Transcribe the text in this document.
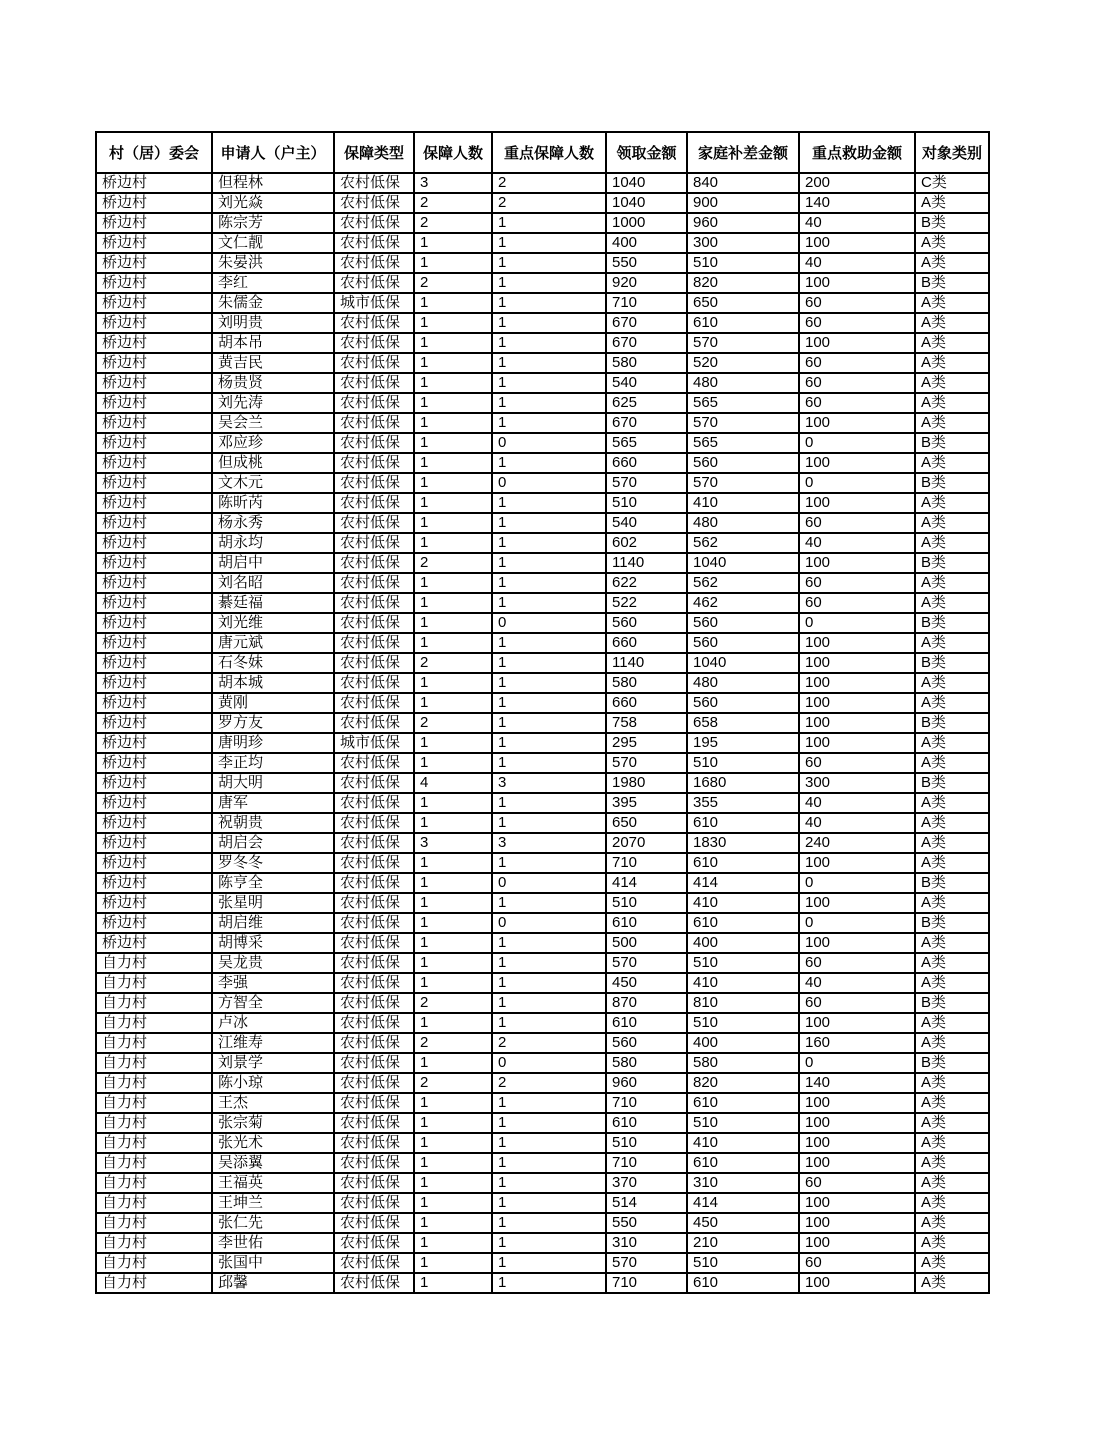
村（居）委会	申请人（户主）	保障类型	保障人数	重点保障人数	领取金额	家庭补差金额	重点救助金额	对象类别
桥边村	但程林	农村低保	3	2	1040	840	200	C类
桥边村	刘光焱	农村低保	2	2	1040	900	140	A类
桥边村	陈宗芳	农村低保	2	1	1000	960	40	B类
桥边村	文仁靓	农村低保	1	1	400	300	100	A类
桥边村	朱晏洪	农村低保	1	1	550	510	40	A类
桥边村	李红	农村低保	2	1	920	820	100	B类
桥边村	朱儒金	城市低保	1	1	710	650	60	A类
桥边村	刘明贵	农村低保	1	1	670	610	60	A类
桥边村	胡本吊	农村低保	1	1	670	570	100	A类
桥边村	黄吉民	农村低保	1	1	580	520	60	A类
桥边村	杨贵贤	农村低保	1	1	540	480	60	A类
桥边村	刘先涛	农村低保	1	1	625	565	60	A类
桥边村	吴会兰	农村低保	1	1	670	570	100	A类
桥边村	邓应珍	农村低保	1	0	565	565	0	B类
桥边村	但成桃	农村低保	1	1	660	560	100	A类
桥边村	文木元	农村低保	1	0	570	570	0	B类
桥边村	陈昕芮	农村低保	1	1	510	410	100	A类
桥边村	杨永秀	农村低保	1	1	540	480	60	A类
桥边村	胡永均	农村低保	1	1	602	562	40	A类
桥边村	胡启中	农村低保	2	1	1140	1040	100	B类
桥边村	刘名昭	农村低保	1	1	622	562	60	A类
桥边村	綦廷福	农村低保	1	1	522	462	60	A类
桥边村	刘光维	农村低保	1	0	560	560	0	B类
桥边村	唐元斌	农村低保	1	1	660	560	100	A类
桥边村	石冬妹	农村低保	2	1	1140	1040	100	B类
桥边村	胡本城	农村低保	1	1	580	480	100	A类
桥边村	黄刚	农村低保	1	1	660	560	100	A类
桥边村	罗方友	农村低保	2	1	758	658	100	B类
桥边村	唐明珍	城市低保	1	1	295	195	100	A类
桥边村	李正均	农村低保	1	1	570	510	60	A类
桥边村	胡大明	农村低保	4	3	1980	1680	300	B类
桥边村	唐军	农村低保	1	1	395	355	40	A类
桥边村	祝朝贵	农村低保	1	1	650	610	40	A类
桥边村	胡启会	农村低保	3	3	2070	1830	240	A类
桥边村	罗冬冬	农村低保	1	1	710	610	100	A类
桥边村	陈亨全	农村低保	1	0	414	414	0	B类
桥边村	张星明	农村低保	1	1	510	410	100	A类
桥边村	胡启维	农村低保	1	0	610	610	0	B类
桥边村	胡博采	农村低保	1	1	500	400	100	A类
自力村	吴龙贵	农村低保	1	1	570	510	60	A类
自力村	李强	农村低保	1	1	450	410	40	A类
自力村	方智全	农村低保	2	1	870	810	60	B类
自力村	卢冰	农村低保	1	1	610	510	100	A类
自力村	江维寿	农村低保	2	2	560	400	160	A类
自力村	刘景学	农村低保	1	0	580	580	0	B类
自力村	陈小琼	农村低保	2	2	960	820	140	A类
自力村	王杰	农村低保	1	1	710	610	100	A类
自力村	张宗菊	农村低保	1	1	610	510	100	A类
自力村	张光术	农村低保	1	1	510	410	100	A类
自力村	吴添翼	农村低保	1	1	710	610	100	A类
自力村	王福英	农村低保	1	1	370	310	60	A类
自力村	王坤兰	农村低保	1	1	514	414	100	A类
自力村	张仁先	农村低保	1	1	550	450	100	A类
自力村	李世佑	农村低保	1	1	310	210	100	A类
自力村	张国中	农村低保	1	1	570	510	60	A类
自力村	邱馨	农村低保	1	1	710	610	100	A类
